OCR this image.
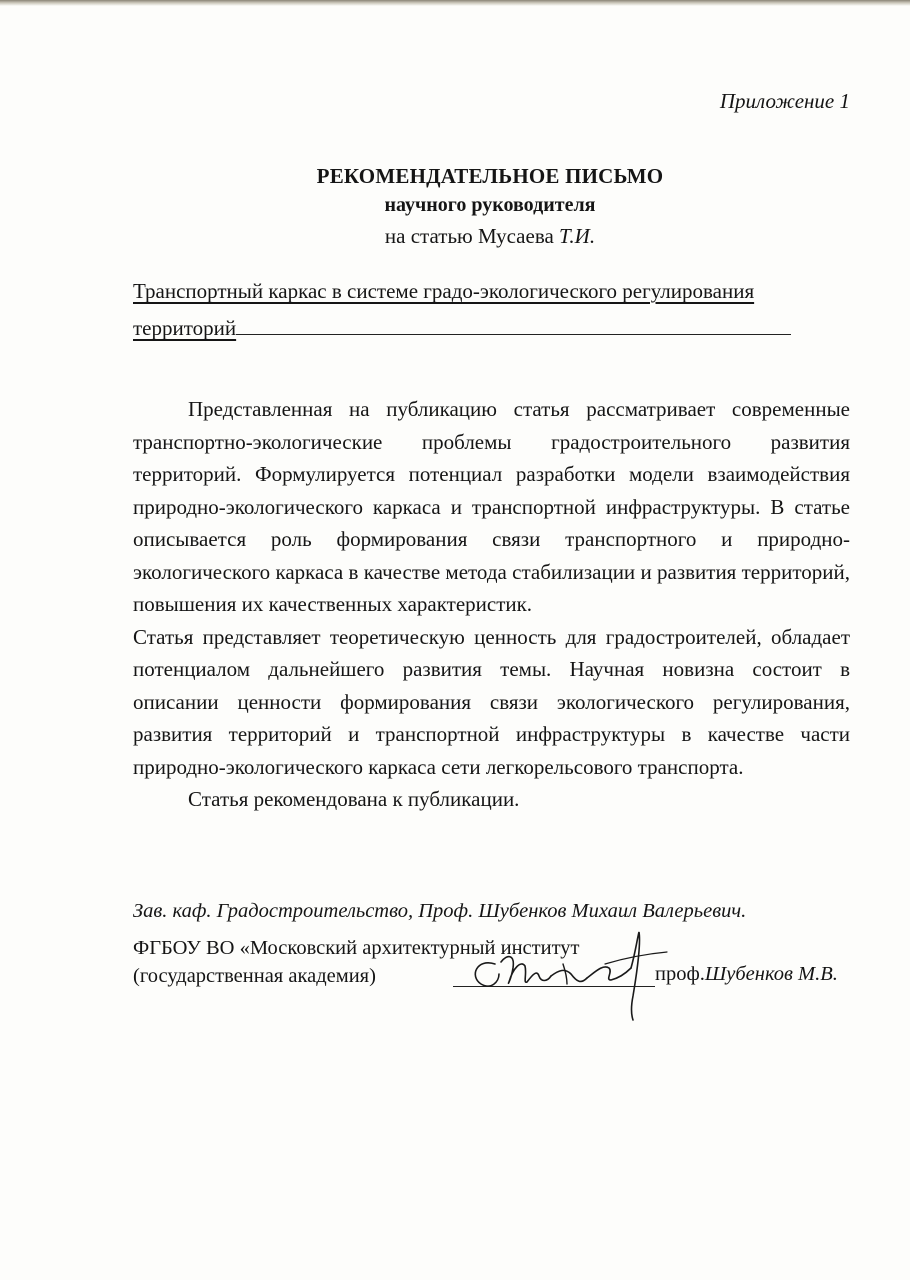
Приложение 1
РЕКОМЕНДАТЕЛЬНОЕ ПИСЬМО
научного руководителя
на статью Мусаева Т.И.
Транспортный каркас в системе градо-экологического регулирования
территорий

Представленная на публикацию статья рассматривает современные транспортно-экологические проблемы градостроительного развития территорий. Формулируется потенциал разработки модели взаимодействия природно-экологического каркаса и транспортной инфраструктуры. В статье описывается роль формирования связи транспортного и природно-экологического каркаса в качестве метода стабилизации и развития территорий, повышения их качественных характеристик.

Статья представляет теоретическую ценность для градостроителей, обладает потенциалом дальнейшего развития темы. Научная новизна состоит в описании ценности формирования связи экологического регулирования, развития территорий и транспортной инфраструктуры в качестве части природно-экологического каркаса сети легкорельсового транспорта.

Статья рекомендована к публикации.

Зав. каф. Градостроительство, Проф. Шубенков Михаил Валерьевич.
ФГБОУ ВО «Московский архитектурный институт
(государственная академия)	проф.Шубенков М.В.
